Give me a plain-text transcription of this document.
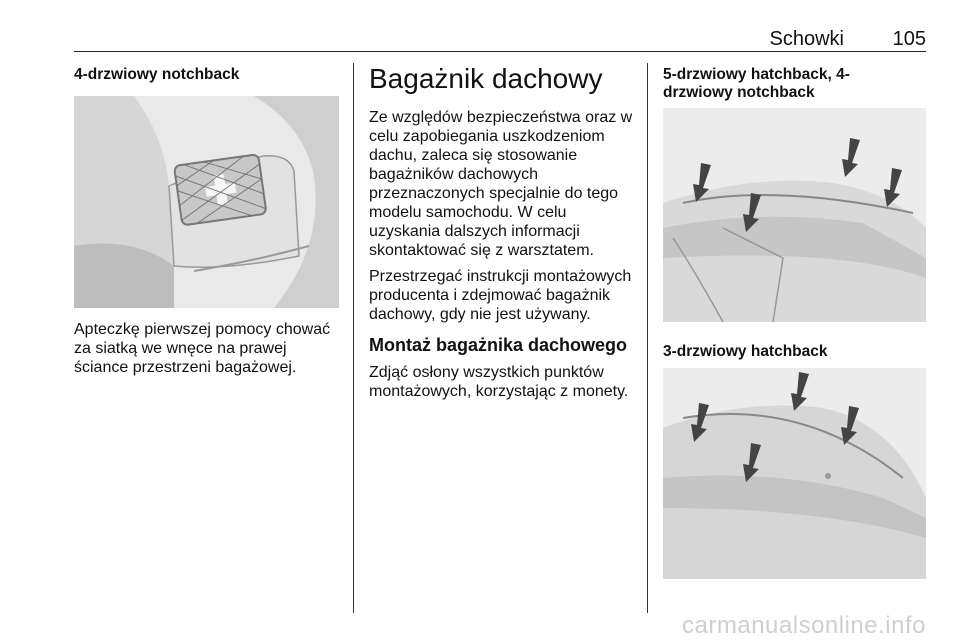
Schowki 105

4-drzwiowy notchback

Apteczkę pierwszej pomocy chować za siatką we wnęce na prawej ściance przestrzeni bagażowej.

Bagażnik dachowy

Ze względów bezpieczeństwa oraz w celu zapobiegania uszkodzeniom dachu, zaleca się stosowanie bagażników dachowych przeznaczonych specjalnie do tego modelu samochodu. W celu uzyskania dalszych informacji skontaktować się z warsztatem.

Przestrzegać instrukcji montażowych producenta i zdejmować bagażnik dachowy, gdy nie jest używany.

Montaż bagażnika dachowego

Zdjąć osłony wszystkich punktów montażowych, korzystając z monety.

5-drzwiowy hatchback, 4-drzwiowy notchback

3-drzwiowy hatchback

carmanualsonline.info
